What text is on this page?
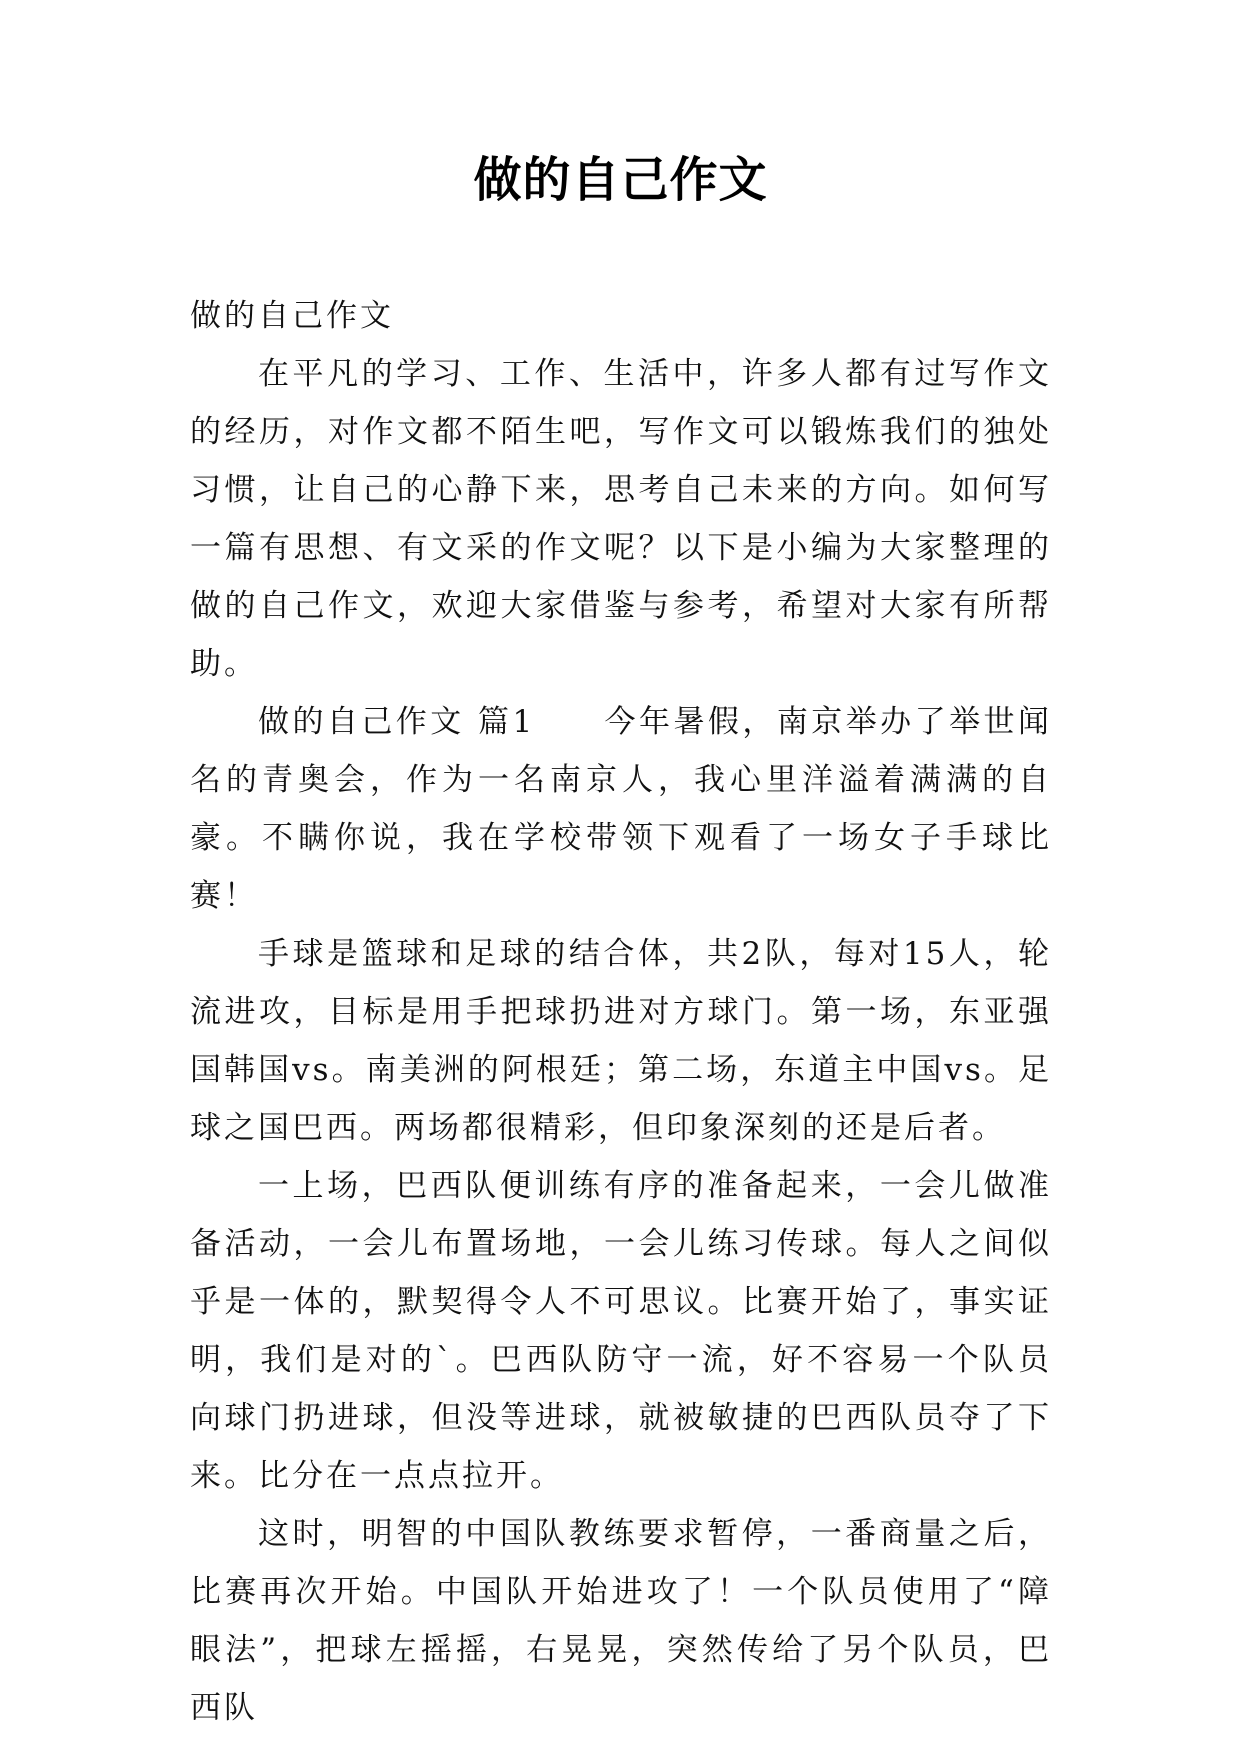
做的自己作文

做的自己作文

在平凡的学习、工作、生活中，许多人都有过写作文的经历，对作文都不陌生吧，写作文可以锻炼我们的独处习惯，让自己的心静下来，思考自己未来的方向。如何写一篇有思想、有文采的作文呢？以下是小编为大家整理的做的自己作文，欢迎大家借鉴与参考，希望对大家有所帮助。

做的自己作文 篇1　　今年暑假，南京举办了举世闻名的青奥会，作为一名南京人，我心里洋溢着满满的自豪。不瞒你说，我在学校带领下观看了一场女子手球比赛！

手球是篮球和足球的结合体，共2队，每对15人，轮流进攻，目标是用手把球扔进对方球门。第一场，东亚强国韩国vs。南美洲的阿根廷；第二场，东道主中国vs。足球之国巴西。两场都很精彩，但印象深刻的还是后者。

一上场，巴西队便训练有序的准备起来，一会儿做准备活动，一会儿布置场地，一会儿练习传球。每人之间似乎是一体的，默契得令人不可思议。比赛开始了，事实证明，我们是对的`。巴西队防守一流，好不容易一个队员向球门扔进球，但没等进球，就被敏捷的巴西队员夺了下来。比分在一点点拉开。

这时，明智的中国队教练要求暂停，一番商量之后，比赛再次开始。中国队开始进攻了！一个队员使用了“障眼法”，把球左摇摇，右晃晃，突然传给了另个队员，巴西队
